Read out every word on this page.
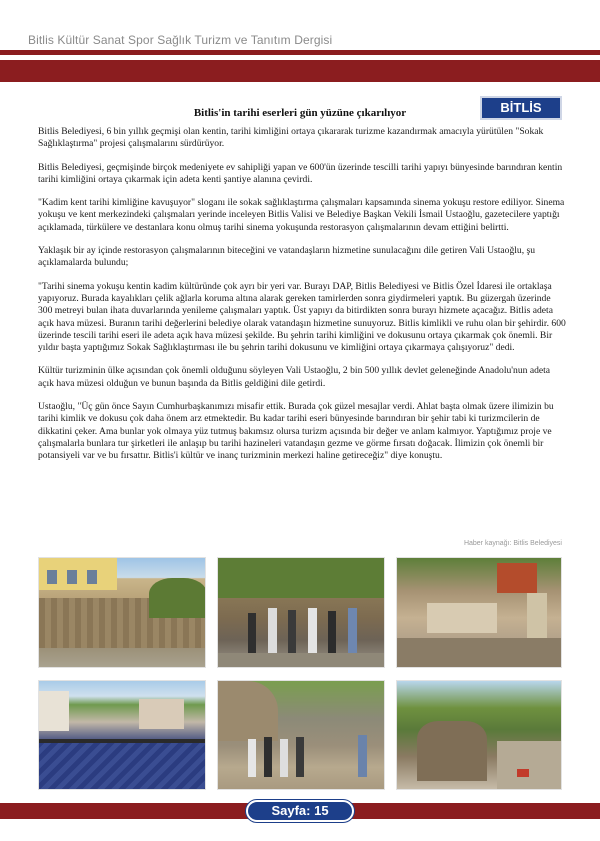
Bitlis Kültür Sanat Spor Sağlık Turizm ve Tanıtım Dergisi
Bitlis'in tarihi eserleri gün yüzüne çıkarılıyor	BİTLİS

Bitlis Belediyesi, 6 bin yıllık geçmişi olan kentin, tarihi kimliğini ortaya çıkararak turizme kazandırmak amacıyla yürütülen "Sokak Sağlıklaştırma" projesi çalışmalarını sürdürüyor.

Bitlis Belediyesi, geçmişinde birçok medeniyete ev sahipliği yapan ve 600'ün üzerinde tescilli tarihi yapıyı bünyesinde barındıran kentin tarihi kimliğini ortaya çıkarmak için adeta kenti şantiye alanına çevirdi.

"Kadim kent tarihi kimliğine kavuşuyor" sloganı ile sokak sağlıklaştırma çalışmaları kapsamında sinema yokuşu restore ediliyor. Sinema yokuşu ve kent merkezindeki çalışmaları yerinde inceleyen Bitlis Valisi ve Belediye Başkan Vekili İsmail Ustaoğlu, gazetecilere yaptığı açıklamada, türkülere ve destanlara konu olmuş tarihi sinema yokuşunda restorasyon çalışmalarının devam ettiğini belirtti.

Yaklaşık bir ay içinde restorasyon çalışmalarının biteceğini ve vatandaşların hizmetine sunulacağını dile getiren Vali Ustaoğlu, şu açıklamalarda bulundu;

"Tarihi sinema yokuşu kentin kadim kültüründe çok ayrı bir yeri var. Burayı DAP, Bitlis Belediyesi ve Bitlis Özel İdaresi ile ortaklaşa yapıyoruz. Burada kayalıkları çelik ağlarla koruma altına alarak gereken tamirlerden sonra giydirmeleri yaptık. Bu güzergah üzerinde 300 metreyi bulan ihata duvarlarında yenileme çalışmaları yaptık. Üst yapıyı da bitirdikten sonra burayı hizmete açacağız. Bitlis adeta açık hava müzesi. Buranın tarihi değerlerini belediye olarak vatandaşın hizmetine sunuyoruz. Bitlis kimlikli ve ruhu olan bir şehirdir. 600 üzerinde tescili tarihi eseri ile adeta açık hava müzesi şekilde. Bu şehrin tarihi kimliğini ve dokusunu ortaya çıkarmak çok önemli. Bir yıldır başta yaptığımız Sokak Sağlıklaştırması ile bu şehrin tarihi dokusunu ve kimliğini ortaya çıkarmaya çalışıyoruz" dedi.

Kültür turizminin ülke açısından çok önemli olduğunu söyleyen Vali Ustaoğlu, 2 bin 500 yıllık devlet geleneğinde Anadolu'nun adeta açık hava müzesi olduğun ve bunun başında da Bitlis geldiğini dile getirdi.

Ustaoğlu, "Üç gün önce Sayın Cumhurbaşkanımızı misafir ettik. Burada çok güzel mesajlar verdi. Ahlat başta olmak üzere ilimizin bu tarihi kimlik ve dokusu çok daha önem arz etmektedir. Bu kadar tarihi eseri bünyesinde barındıran bir şehir tabi ki turizmcilerin de dikkatini çeker. Ama bunlar yok olmaya yüz tutmuş bakımsız olursa turizm açısında bir değer ve anlam kalmıyor. Yaptığımız proje ve çalışmalarla bunlara tur şirketleri ile anlaşıp bu tarihi hazineleri vatandaşın gezme ve görme fırsatı doğacak. İlimizin çok önemli bir potansiyeli var ve bu fırsattır. Bitlis'i kültür ve inanç turizminin merkezi haline getireceğiz" diye konuştu.

Haber kaynağı: Bitlis Belediyesi
Sayfa: 15
